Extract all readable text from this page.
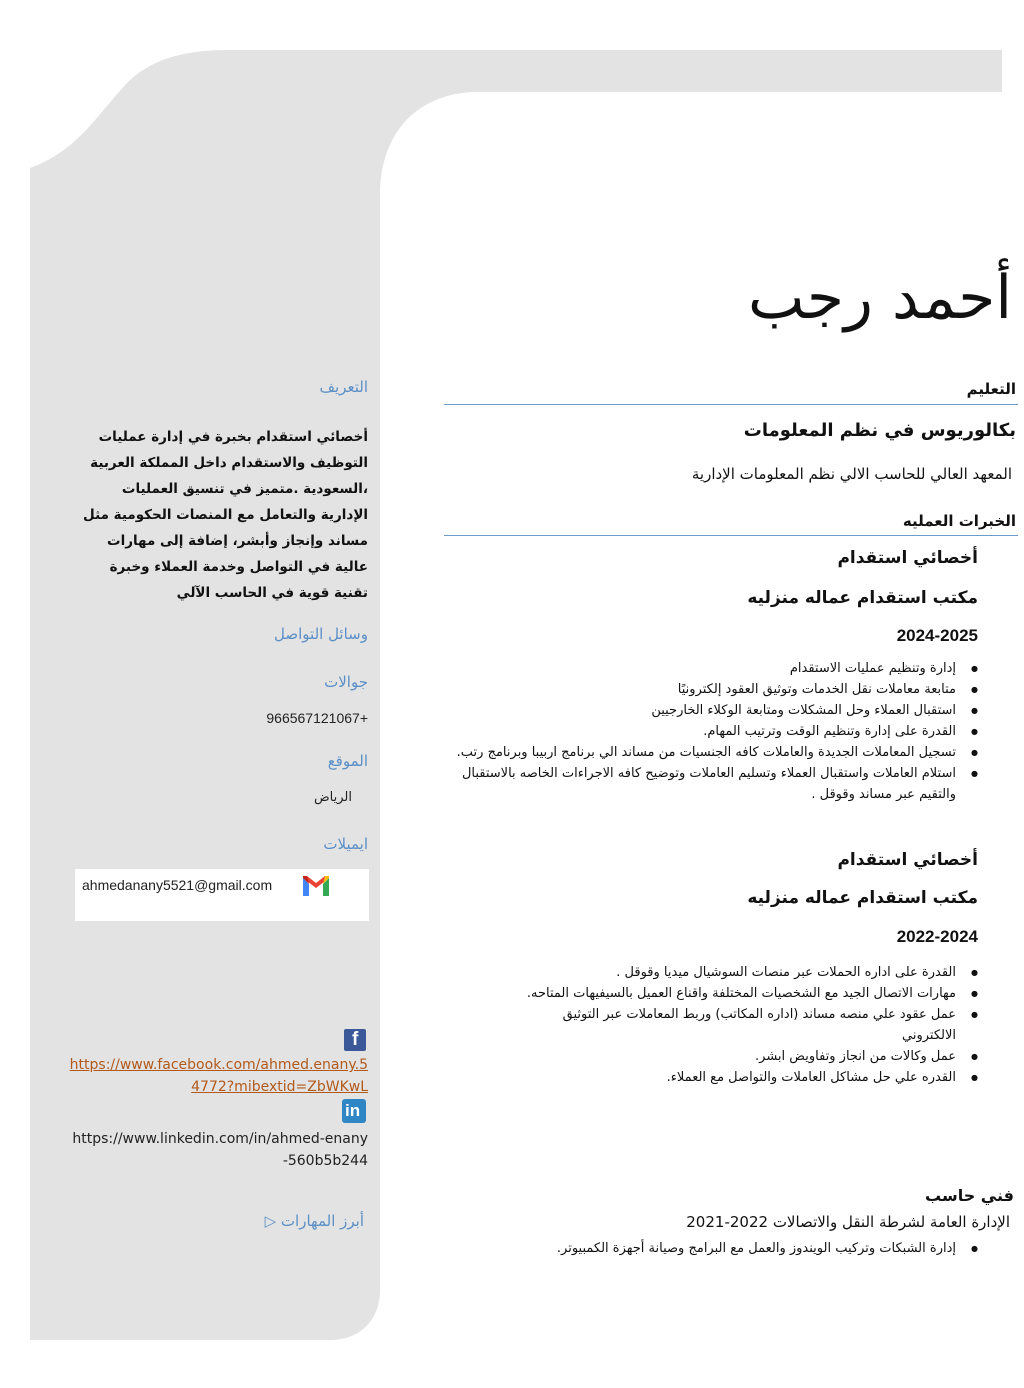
أحمد رجب
التعليم
بكالوريوس في نظم المعلومات
المعهد العالي للحاسب الالي نظم المعلومات الإدارية
الخبرات العمليه
أخصائي استقدام
مكتب استقدام عماله منزليه
2024-2025
● إدارة وتنظيم عمليات الاستقدام
● متابعة معاملات نقل الخدمات وتوثيق العقود إلكترونيًا
● استقبال العملاء وحل المشكلات ومتابعة الوكلاء الخارجيين
● القدرة على إدارة وتنظيم الوقت وترتيب المهام.
● تسجيل المعاملات الجديدة والعاملات كافه الجنسيات من مساند الي برنامج اربيبا وبرنامج رتب.
● استلام العاملات واستقبال العملاء وتسليم العاملات وتوضيح كافه الاجراءات الخاصه بالاستقبال والتقيم عبر مساند وقوقل .
أخصائي استقدام
مكتب استقدام عماله منزليه
2022-2024
● القدرة على اداره الحملات عبر منصات السوشيال ميديا وقوقل .
● مهارات الاتصال الجيد مع الشخصيات المختلفة واقناع العميل بالسيفيهات المتاحه.
● عمل عقود علي منصه مساند (اداره المكاتب) وربط المعاملات عبر التوثيق الالكتروني
● عمل وكالات من انجاز وتفاويض ابشر.
● القدره علي حل مشاكل العاملات والتواصل مع العملاء.
فني حاسب
الإدارة العامة لشرطة النقل والاتصالات 2022-2021
● إدارة الشبكات وتركيب الويندوز والعمل مع البرامج وصيانة أجهزة الكمبيوتر.
التعريف

أخصائي استقدام بخبرة في إدارة عمليات التوظيف والاستقدام داخل المملكة العربية ،السعودية .متميز في تنسيق العمليات الإدارية والتعامل مع المنصات الحكومية مثل مساند وإنجاز وأبشر، إضافة إلى مهارات عالية في التواصل وخدمة العملاء وخبرة تقنية قوية في الحاسب الآلي

وسائل التواصل
جوالات
+966567121067
الموقع
الرياض
ايميلات
ahmedanany5521@gmail.com
f
https://www.facebook.com/ahmed.enany.54772?mibextid=ZbWKwL
in
https://www.linkedin.com/in/ahmed-enany-560b5b244
أبرز المهارات ▷
